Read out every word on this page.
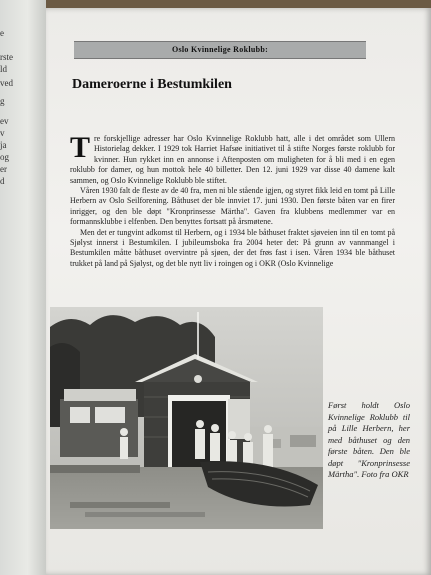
e
rste
ld
ved
g
ev
v
ja
og
er
d
Oslo Kvinnelige Roklubb:
Dameroerne i Bestumkilen

Tre forskjellige adresser har Oslo Kvinnelige Roklubb hatt, alle i det området som Ullern Historielag dekker. I 1929 tok Harriet Hafsøe initiativet til å stifte Norges første roklubb for kvinner. Hun rykket inn en annonse i Aftenposten om muligheten for å bli med i en egen roklubb for damer, og hun mottok hele 40 billetter. Den 12. juni 1929 var disse 40 damene kalt sammen, og Oslo Kvinnelige Roklubb ble stiftet.

Våren 1930 falt de fleste av de 40 fra, men ni ble stående igjen, og styret fikk leid en tomt på Lille Herbern av Oslo Seilforening. Båthuset der ble innviet 17. juni 1930. Den første båten var en firer inrigger, og den ble døpt "Kronprinsesse Märtha". Gaven fra klubbens medlemmer var en formannsklubbe i elfenben. Den benyttes fortsatt på årsmøtene.

Men det er tungvint adkomst til Herbern, og i 1934 ble båthuset fraktet sjøveien inn til en tomt på Sjølyst innerst i Bestumkilen. I jubileumsboka fra 2004 heter det: På grunn av vannmangel i Bestumkilen måtte båthuset overvintre på sjøen, der det frøs fast i isen. Våren 1934 ble båthuset trukket på land på Sjølyst, og det ble nytt liv i roingen og i OKR (Oslo Kvinnelige

Først holdt Oslo Kvinnelige Roklubb til på Lille Herbern, her med båthuset og den første båten. Den ble døpt "Kronprinsesse Märtha". Foto fra OKR
